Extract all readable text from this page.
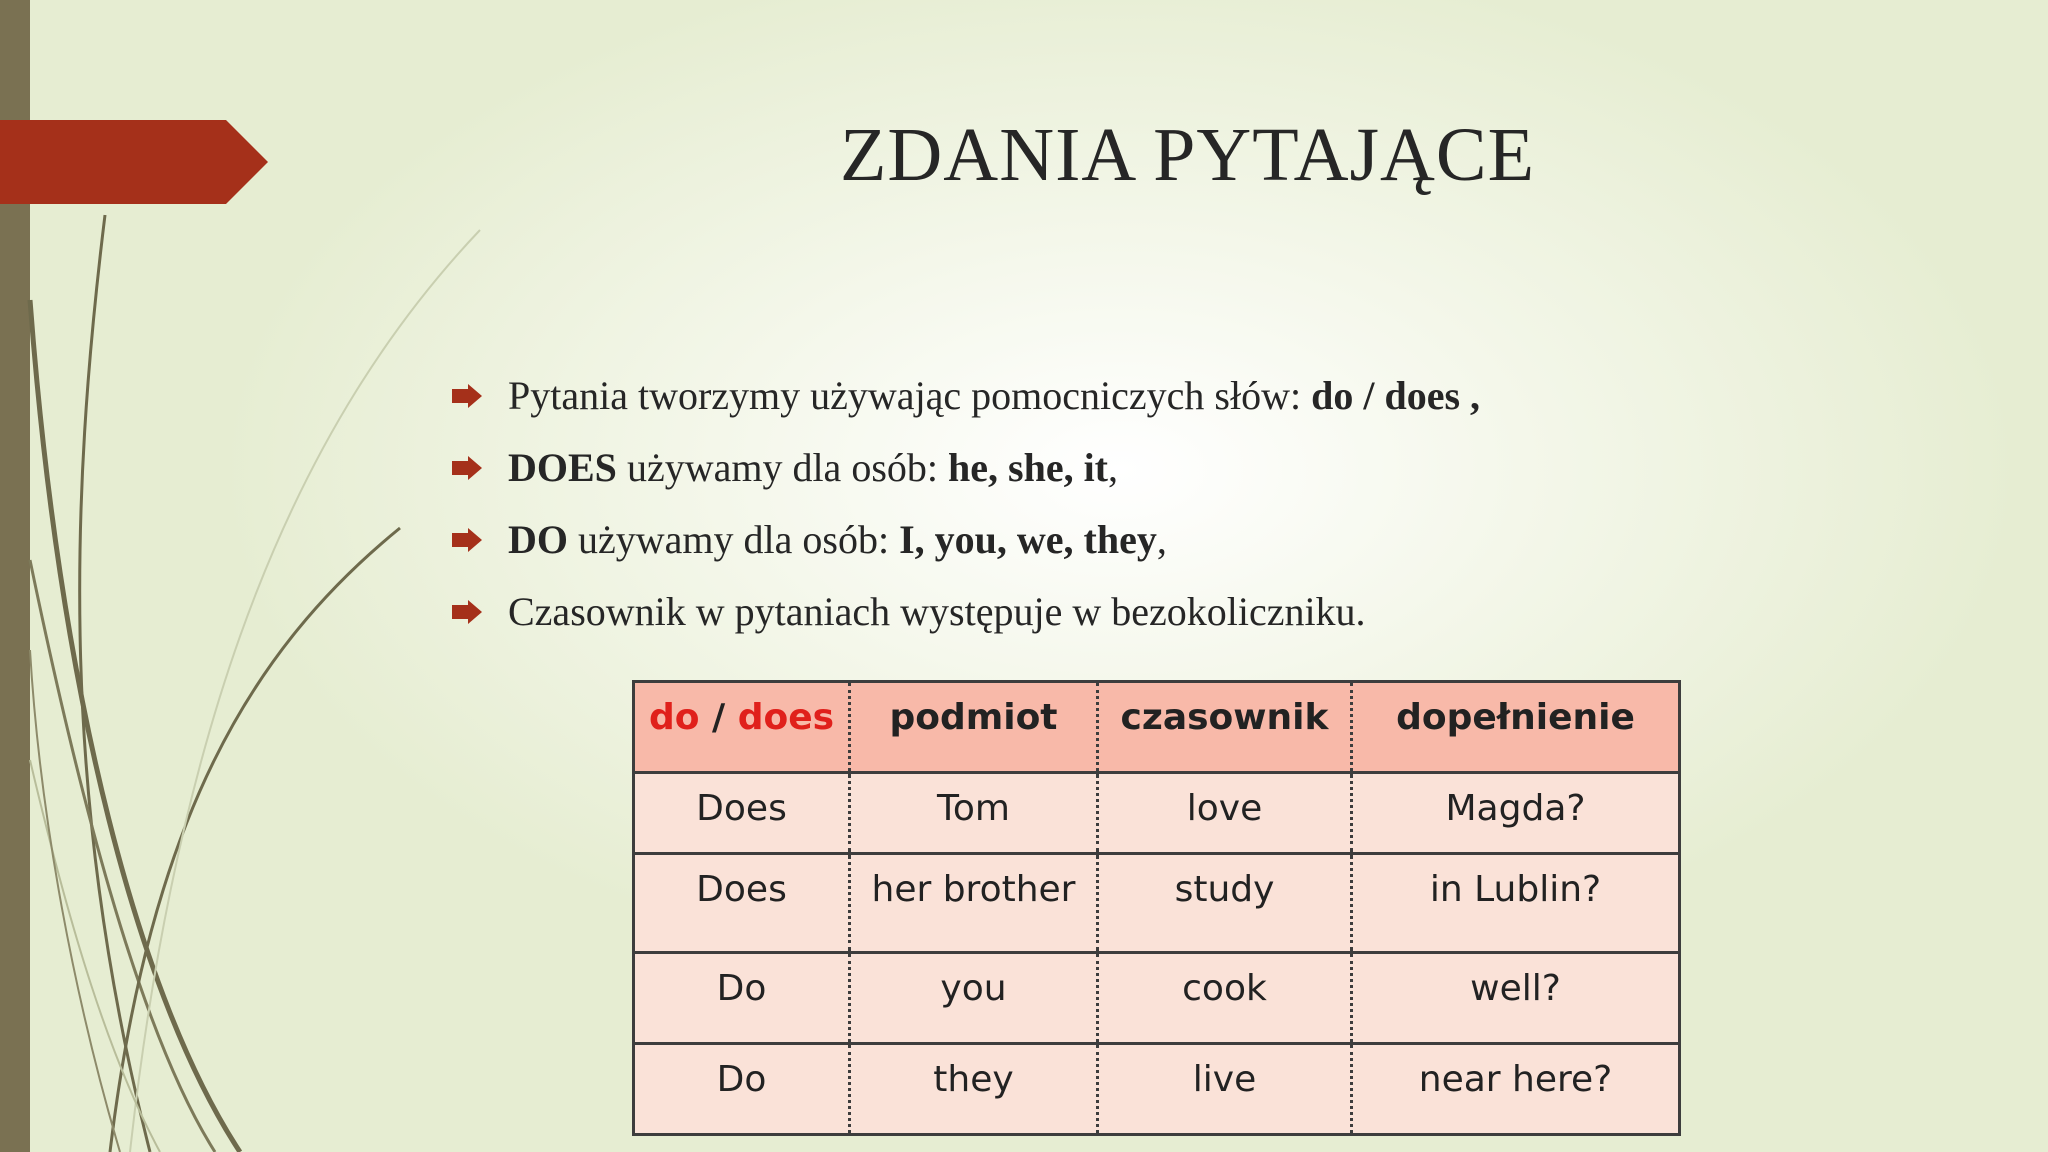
ZDANIA PYTAJĄCE
Pytania tworzymy używając pomocniczych słów: do / does ,
DOES używamy dla osób: he, she, it,
DO używamy dla osób: I, you, we, they,
Czasownik w pytaniach występuje w bezokoliczniku.
do / does	podmiot	czasownik	dopełnienie
Does	Tom	love	Magda?
Does	her brother	study	in Lublin?
Do	you	cook	well?
Do	they	live	near here?
